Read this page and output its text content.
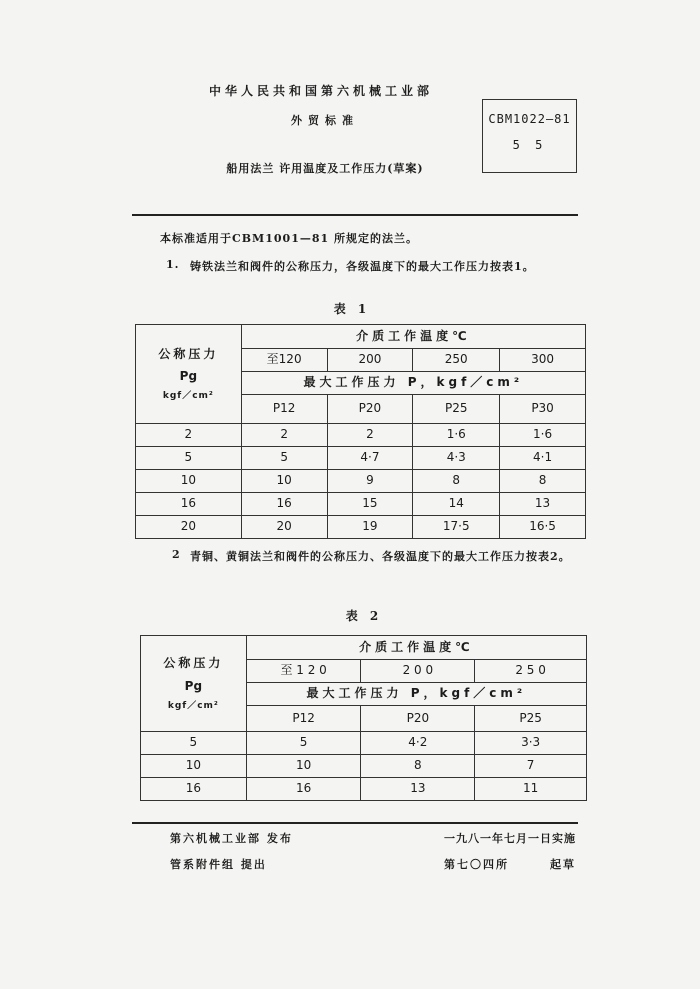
中华人民共和国第六机械工业部
外贸标准	CBM1022—81
5 5
船用法兰 许用温度及工作压力(草案)
本标准适用于CBM1001—81 所规定的法兰。
1. 铸铁法兰和阀件的公称压力，各级温度下的最大工作压力按表1。
表 1
公称压力
Pg
kgf／cm²	介质工作温度℃			
	至120	200	250	300
	最大工作压力 P，kgf／cm²			
	P12	P20	P25	P30
2	2	2	1·6	1·6
5	5	4·7	4·3	4·1
10	10	9	8	8
16	16	15	14	13
20	20	19	17·5	16·5
2 青铜、黄铜法兰和阀件的公称压力、各级温度下的最大工作压力按表2。
表 2
公称压力
Pg
kgf／cm²	介质工作温度℃		
	至 1 2 0	2 0 0	2 5 0
	最大工作压力 P，kgf／cm²		
	P12	P20	P25
5	5	4·2	3·3
10	10	8	7
16	16	13	11
第六机械工业部 发布
管系附件组 提出
一九八一年七月一日实施
第七〇四所	起草
